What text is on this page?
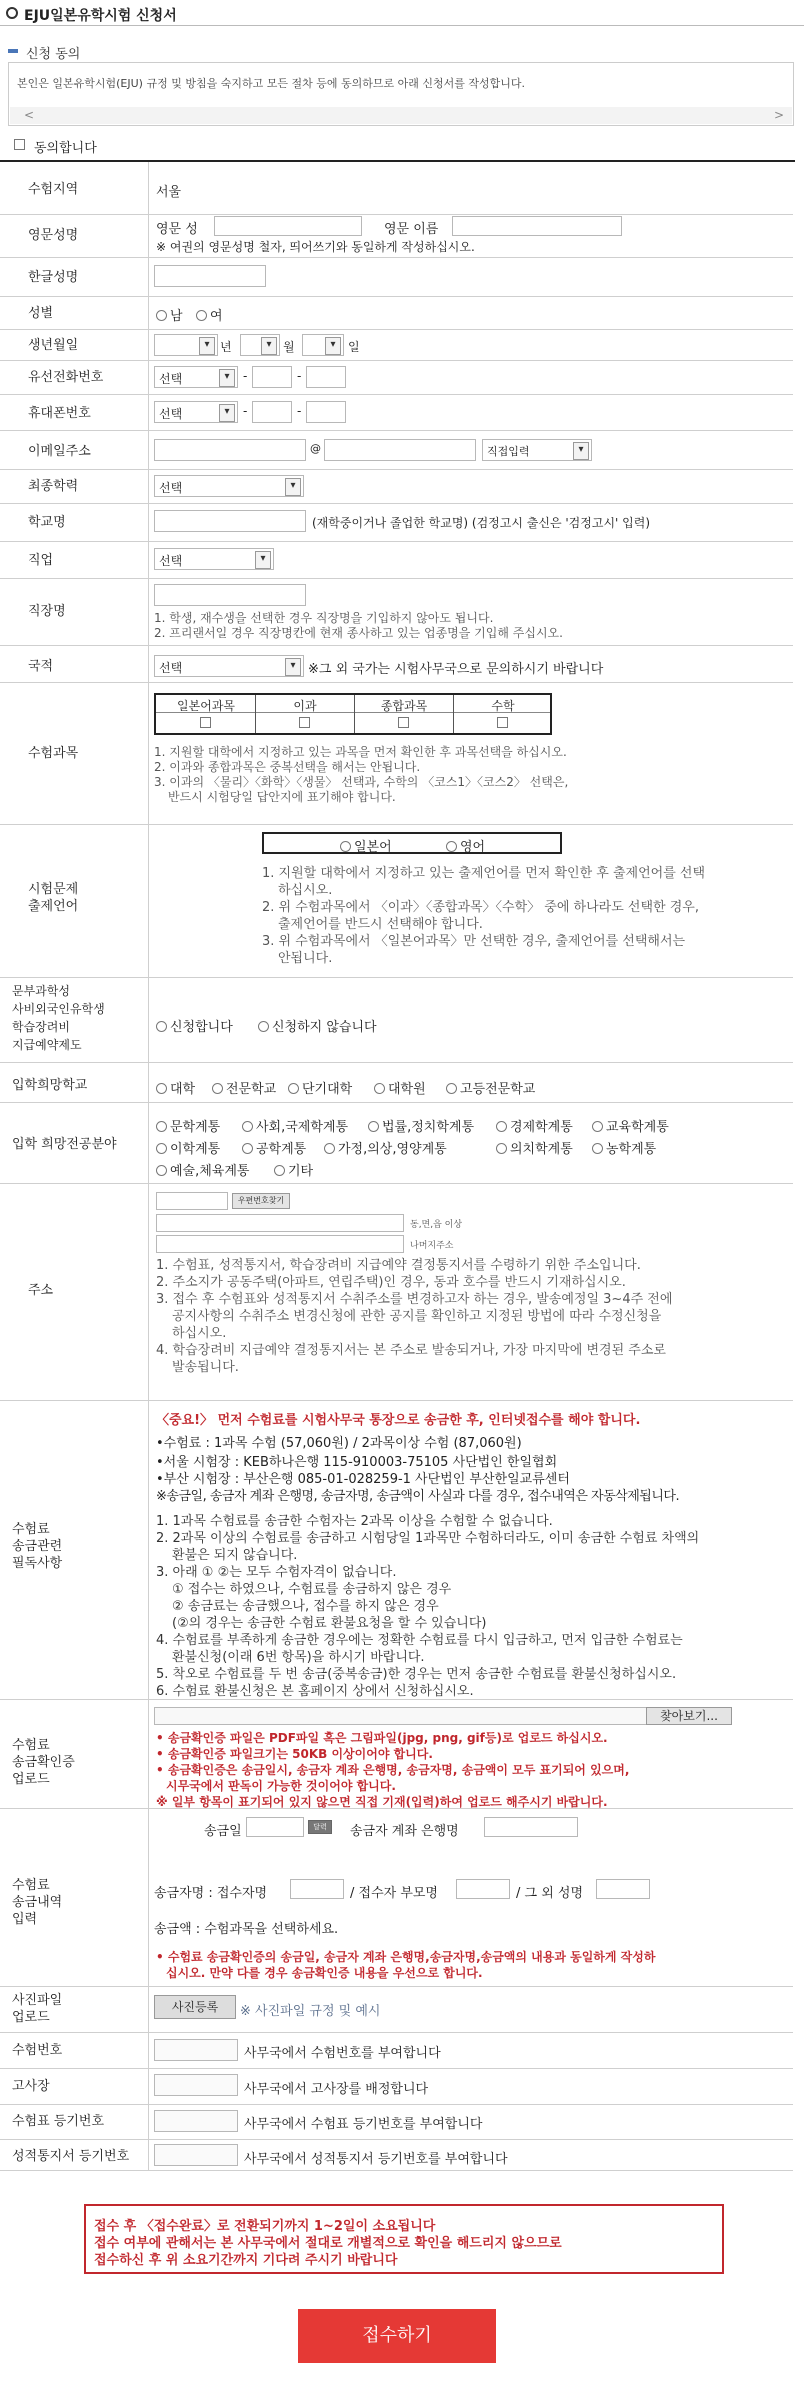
EJU일본유학시험 신청서
신청 동의
본인은 일본유학시험(EJU) 규정 및 방침을 숙지하고 모든 절차 등에 동의하므로 아래 신청서를 작성합니다.
<	>
동의합니다
수험지역	서울
영문성명	영문 성	영문 이름
※ 여권의 영문성명 철자, 띄어쓰기와 동일하게 작성하십시오.
한글성명
성별	남	여
생년월일 ▾	년 ▾	월 ▾	일
유선전화번호	선택 ▾	-	-
휴대폰번호	선택 ▾	-	-
이메일주소	@	직접입력 ▾
최종학력	선택 ▾
학교명	(재학중이거나 졸업한 학교명) (검정고시 출신은 '검정고시' 입력)
직업	선택 ▾
직장명	1. 학생, 재수생을 선택한 경우 직장명을 기입하지 않아도 됩니다.
2. 프리랜서일 경우 직장명칸에 현재 종사하고 있는 업종명을 기입해 주십시오.
국적	선택 ▾	※그 외 국가는 시험사무국으로 문의하시기 바랍니다
수험과목
일본어과목	이과	종합과목	수학
1. 지원할 대학에서 지정하고 있는 과목을 먼저 확인한 후 과목선택을 하십시오.
2. 이과와 종합과목은 중복선택을 해서는 안됩니다.
3. 이과의 〈물리〉〈화학〉〈생물〉 선택과, 수학의 〈코스1〉〈코스2〉 선택은,
반드시 시험당일 답안지에 표기해야 합니다.
시험문제
출제언어
일본어	영어
1. 지원할 대학에서 지정하고 있는 출제언어를 먼저 확인한 후 출제언어를 선택
하십시오.
2. 위 수험과목에서 〈이과〉〈종합과목〉〈수학〉 중에 하나라도 선택한 경우,
출제언어를 반드시 선택해야 합니다.
3. 위 수험과목에서 〈일본어과목〉만 선택한 경우, 출제언어를 선택해서는
안됩니다.
문부과학성
사비외국인유학생
학습장려비
지급예약제도
신청합니다	신청하지 않습니다
입학희망학교	대학	전문학교	단기대학	대학원	고등전문학교
입학 희망전공분야
문학계통	사회,국제학계통	법률,정치학계통	경제학계통	교육학계통
이학계통	공학계통	가정,의상,영양계통	의치학계통	농학계통
예술,체육계통	기타
주소
우편번호찾기
동,면,읍 이상
나머지주소
1. 수험표, 성적통지서, 학습장려비 지급예약 결정통지서를 수령하기 위한 주소입니다.
2. 주소지가 공동주택(아파트, 연립주택)인 경우, 동과 호수를 반드시 기재하십시오.
3. 접수 후 수험표와 성적통지서 수취주소를 변경하고자 하는 경우, 발송예정일 3~4주 전에
공지사항의 수취주소 변경신청에 관한 공지를 확인하고 지정된 방법에 따라 수정신청을
하십시오.
4. 학습장려비 지급예약 결정통지서는 본 주소로 발송되거나, 가장 마지막에 변경된 주소로
발송됩니다.
수험료
송금관련
필독사항
〈중요!〉 먼저 수험료를 시험사무국 통장으로 송금한 후, 인터넷접수를 해야 합니다.
•수험료 : 1과목 수험 (57,060원) / 2과목이상 수험 (87,060원)
•서울 시험장 : KEB하나은행 115-910003-75105 사단법인 한일협회
•부산 시험장 : 부산은행 085-01-028259-1 사단법인 부산한일교류센터
※송금일, 송금자 계좌 은행명, 송금자명, 송금액이 사실과 다를 경우, 접수내역은 자동삭제됩니다.
1. 1과목 수험료를 송금한 수험자는 2과목 이상을 수험할 수 없습니다.
2. 2과목 이상의 수험료를 송금하고 시험당일 1과목만 수험하더라도, 이미 송금한 수험료 차액의
환불은 되지 않습니다.
3. 아래 ① ②는 모두 수험자격이 없습니다.
① 접수는 하였으나, 수험료를 송금하지 않은 경우
② 송금료는 송금했으나, 접수를 하지 않은 경우
(②의 경우는 송금한 수험료 환불요청을 할 수 있습니다)
4. 수험료를 부족하게 송금한 경우에는 정확한 수험료를 다시 입금하고, 먼저 입금한 수험료는
환불신청(이래 6번 항목)을 하시기 바랍니다.
5. 착오로 수험료를 두 번 송금(중복송금)한 경우는 먼저 송금한 수험료를 환불신청하십시오.
6. 수험료 환불신청은 본 홈페이지 상에서 신청하십시오.
수험료
송금확인증
업로드
찾아보기...
• 송금확인증 파일은 PDF파일 혹은 그림파일(jpg, png, gif등)로 업로드 하십시오.
• 송금확인증 파일크기는 50KB 이상이어야 합니다.
• 송금확인증은 송금일시, 송금자 계좌 은행명, 송금자명, 송금액이 모두 표기되어 있으며,
시무국에서 판독이 가능한 것이어야 합니다.
※ 일부 항목이 표기되어 있지 않으면 직접 기재(입력)하여 업로드 해주시기 바랍니다.
수험료
송금내역
입력
송금일	달력	송금자 계좌 은행명
송금자명 : 접수자명	/ 접수자 부모명	/ 그 외 성명
송금액 : 수험과목을 선택하세요.
• 수험료 송금확인증의 송금일, 송금자 계좌 은행명,송금자명,송금액의 내용과 동일하게 작성하
십시오. 만약 다를 경우 송금확인증 내용을 우선으로 합니다.
사진파일
업로드
사진등록	※ 사진파일 규정 및 예시
수험번호	사무국에서 수험번호를 부여합니다
고사장	사무국에서 고사장를 배정합니다
수험표 등기번호	사무국에서 수험표 등기번호를 부여합니다
성적통지서 등기번호	사무국에서 성적통지서 등기번호를 부여합니다
접수 후 〈접수완료〉로 전환되기까지 1~2일이 소요됩니다
접수 여부에 관해서는 본 사무국에서 절대로 개별적으로 확인을 해드리지 않으므로
접수하신 후 위 소요기간까지 기다려 주시기 바랍니다
접수하기
